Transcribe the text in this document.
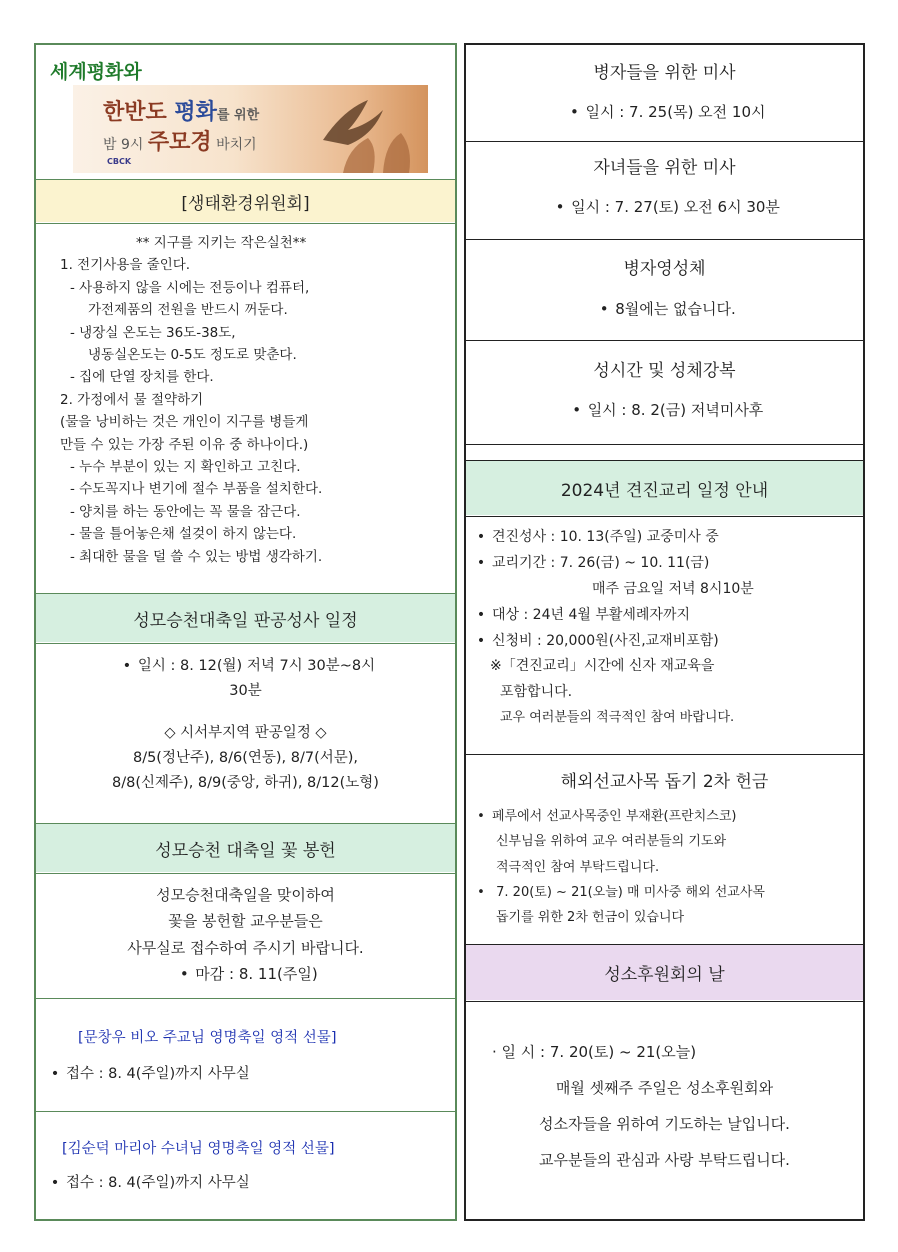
세계평화와
한반도 평화를 위한
밤 9시 주모경 바치기
CBCK
[생태환경위원회]
** 지구를 지키는 작은실천**
1. 전기사용을 줄인다.
- 사용하지 않을 시에는 전등이나 컴퓨터,
가전제품의 전원을 반드시 꺼둔다.
- 냉장실 온도는 36도-38도,
냉동실온도는 0-5도 정도로 맞춘다.
- 집에 단열 장치를 한다.
2. 가정에서 물 절약하기
(물을 낭비하는 것은 개인이 지구를 병들게
만들 수 있는 가장 주된 이유 중 하나이다.)
- 누수 부분이 있는 지 확인하고 고친다.
- 수도꼭지나 변기에 절수 부품을 설치한다.
- 양치를 하는 동안에는 꼭 물을 잠근다.
- 물을 틀어놓은채 설겆이 하지 않는다.
- 최대한 물을 덜 쓸 수 있는 방법 생각하기.
성모승천대축일 판공성사 일정
• 일시 : 8. 12(월) 저녁 7시 30분~8시
30분
◇ 시서부지역 판공일정 ◇
8/5(정난주), 8/6(연동), 8/7(서문),
8/8(신제주), 8/9(중앙, 하귀), 8/12(노형)
성모승천 대축일 꽃 봉헌
성모승천대축일을 맞이하여
꽃을 봉헌할 교우분들은
사무실로 접수하여 주시기 바랍니다.
• 마감 : 8. 11(주일)
[문창우 비오 주교님 영명축일 영적 선물]
• 접수 : 8. 4(주일)까지 사무실
[김순덕 마리아 수녀님 영명축일 영적 선물]
• 접수 : 8. 4(주일)까지 사무실
병자들을 위한 미사
• 일시 : 7. 25(목) 오전 10시
자녀들을 위한 미사
• 일시 : 7. 27(토) 오전 6시 30분
병자영성체
• 8월에는 없습니다.
성시간 및 성체강복
• 일시 : 8. 2(금) 저녁미사후
2024년 견진교리 일정 안내
• 견진성사 : 10. 13(주일) 교중미사 중
• 교리기간 : 7. 26(금) ~ 10. 11(금)
매주 금요일 저녁 8시10분
• 대상 : 24년 4월 부활세례자까지
• 신청비 : 20,000원(사진,교재비포함)
※「견진교리」시간에 신자 재교육을
포함합니다.
교우 여러분들의 적극적인 참여 바랍니다.
해외선교사목 돕기 2차 헌금
• 페루에서 선교사목중인 부재환(프란치스코)
신부님을 위하여 교우 여러분들의 기도와
적극적인 참여 부탁드립니다.
• 7. 20(토) ~ 21(오늘) 매 미사중 해외 선교사목
돕기를 위한 2차 헌금이 있습니다
성소후원회의 날
· 일 시 : 7. 20(토) ~ 21(오늘)
매월 셋째주 주일은 성소후원회와
성소자들을 위하여 기도하는 날입니다.
교우분들의 관심과 사랑 부탁드립니다.
